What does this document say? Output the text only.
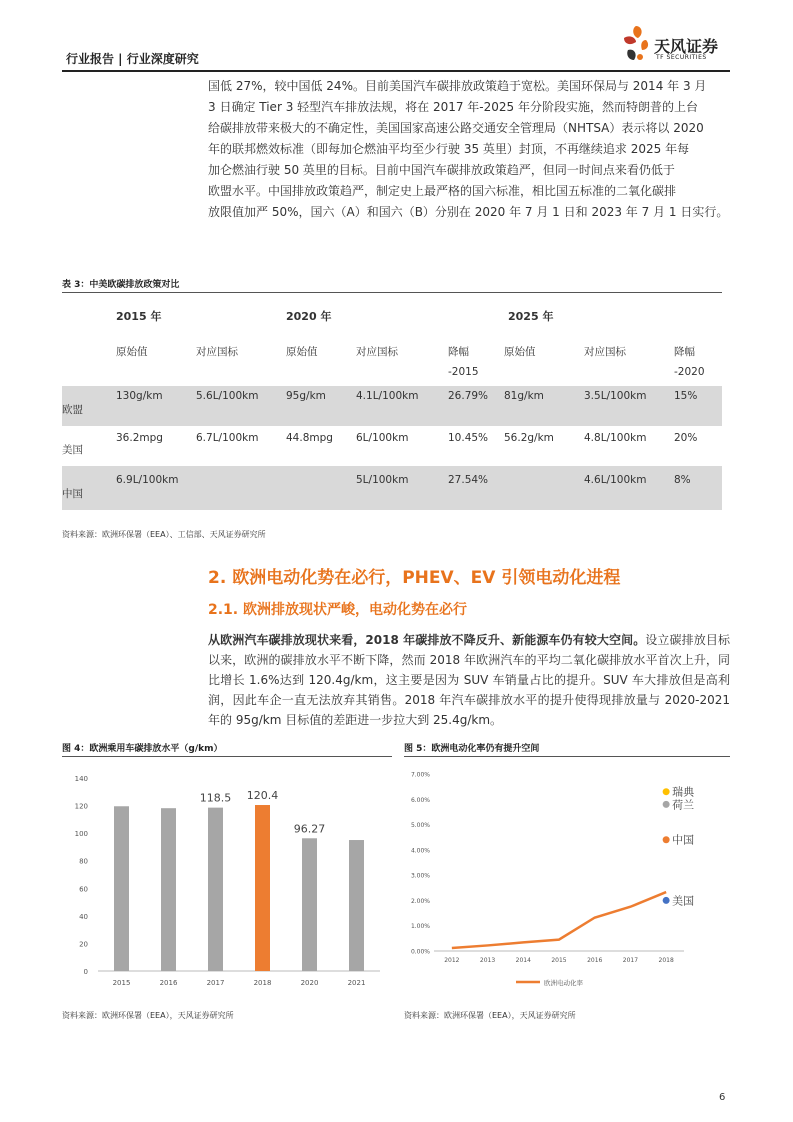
行业报告 | 行业深度研究
天风证券
TF SECURITIES
国低 27%，较中国低 24%。目前美国汽车碳排放政策趋于宽松。美国环保局与 2014 年 3 月
3 日确定 Tier 3 轻型汽车排放法规，将在 2017 年-2025 年分阶段实施，然而特朗普的上台
给碳排放带来极大的不确定性，美国国家高速公路交通安全管理局（NHTSA）表示将以 2020
年的联邦燃效标准（即每加仑燃油平均至少行驶 35 英里）封顶，不再继续追求 2025 年每
加仑燃油行驶 50 英里的目标。目前中国汽车碳排放政策趋严，但同一时间点来看仍低于
欧盟水平。中国排放政策趋严，制定史上最严格的国六标准，相比国五标准的二氧化碳排
放限值加严 50%，国六（A）和国六（B）分别在 2020 年 7 月 1 日和 2023 年 7 月 1 日实行。
表 3：中美欧碳排放政策对比
	2015 年		2020 年			2025 年		
	原始值	对应国标	原始值	对应国标	降幅	原始值	对应国标	降幅
					-2015			-2020
欧盟	130g/km	5.6L/100km	95g/km	4.1L/100km	26.79%	81g/km	3.5L/100km	15%
美国	36.2mpg	6.7L/100km	44.8mpg	6L/100km	10.45%	56.2g/km	4.8L/100km	20%
中国	6.9L/100km			5L/100km	27.54%		4.6L/100km	8%
资料来源：欧洲环保署（EEA）、工信部、天风证券研究所
2. 欧洲电动化势在必行，PHEV、EV 引领电动化进程
2.1. 欧洲排放现状严峻，电动化势在必行
从欧洲汽车碳排放现状来看，2018 年碳排放不降反升、新能源车仍有较大空间。设立碳排放目标以来，欧洲的碳排放水平不断下降，然而 2018 年欧洲汽车的平均二氧化碳排放水平首次上升，同比增长 1.6%达到 120.4g/km，这主要是因为 SUV 车销量占比的提升。SUV 车大排放但是高利润，因此车企一直无法放弃其销售。2018 年汽车碳排放水平的提升使得现排放量与 2020-2021 年的 95g/km 目标值的差距进一步拉大到 25.4g/km。
图 4：欧洲乘用车碳排放水平（g/km）
0
20
40
60
80
100
120
140
2015	2016	2017
118.5
2018
120.4
2020
96.27
2021
资料来源：欧洲环保署（EEA），天风证券研究所
图 5：欧洲电动化率仍有提升空间
0.00%
1.00%
2.00%
3.00%
4.00%
5.00%
6.00%
7.00%
2012	2013	2014	2015	2016	2017	2018
欧洲电动化率
瑞典
荷兰
中国
美国
资料来源：欧洲环保署（EEA），天风证券研究所
6
